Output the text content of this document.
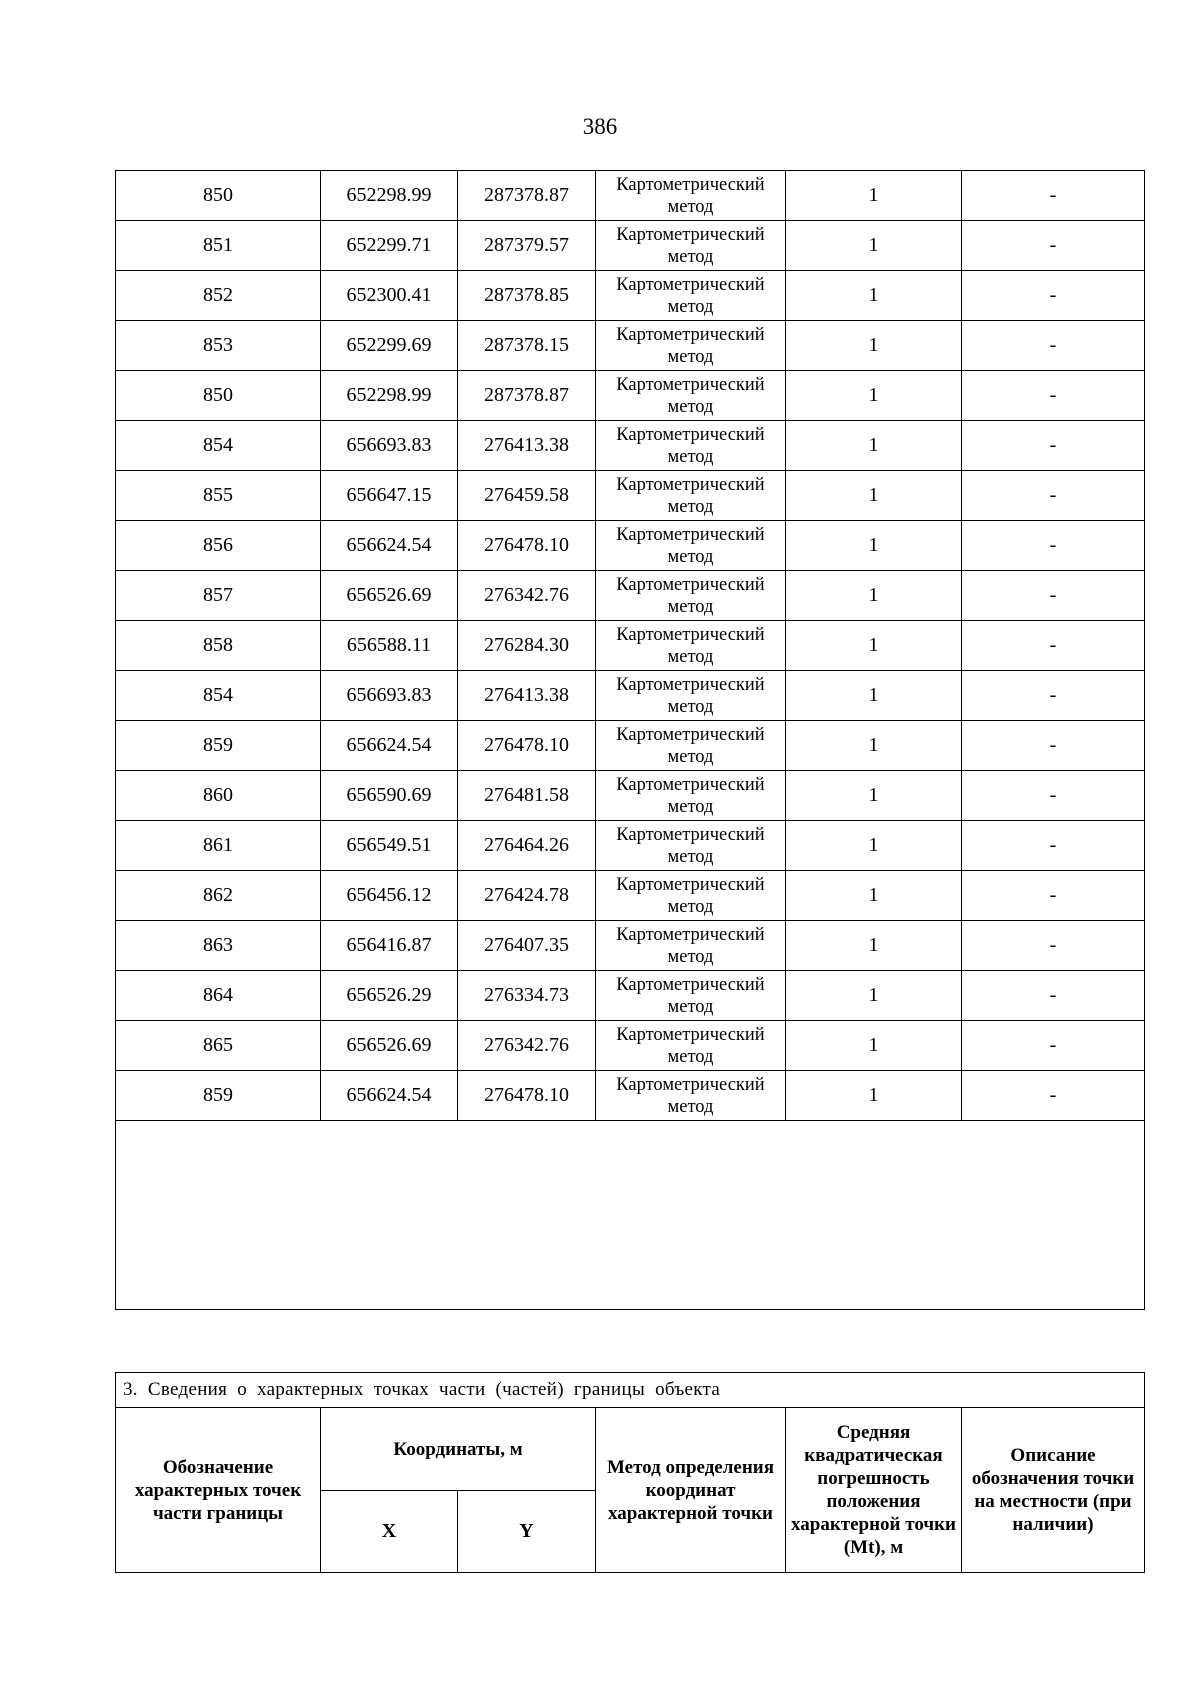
386
850	652298.99	287378.87	Картометрический метод	1	-
851	652299.71	287379.57	Картометрический метод	1	-
852	652300.41	287378.85	Картометрический метод	1	-
853	652299.69	287378.15	Картометрический метод	1	-
850	652298.99	287378.87	Картометрический метод	1	-
854	656693.83	276413.38	Картометрический метод	1	-
855	656647.15	276459.58	Картометрический метод	1	-
856	656624.54	276478.10	Картометрический метод	1	-
857	656526.69	276342.76	Картометрический метод	1	-
858	656588.11	276284.30	Картометрический метод	1	-
854	656693.83	276413.38	Картометрический метод	1	-
859	656624.54	276478.10	Картометрический метод	1	-
860	656590.69	276481.58	Картометрический метод	1	-
861	656549.51	276464.26	Картометрический метод	1	-
862	656456.12	276424.78	Картометрический метод	1	-
863	656416.87	276407.35	Картометрический метод	1	-
864	656526.29	276334.73	Картометрический метод	1	-
865	656526.69	276342.76	Картометрический метод	1	-
859	656624.54	276478.10	Картометрический метод	1	-

3. Сведения о характерных точках части (частей) границы объекта					
Обозначение характерных точек части границы	Координаты, м		Метод определения координат характерной точки	Средняя квадратическая погрешность положения характерной точки (Mt), м	Описание обозначения точки на местности (при наличии)
	X	Y			
